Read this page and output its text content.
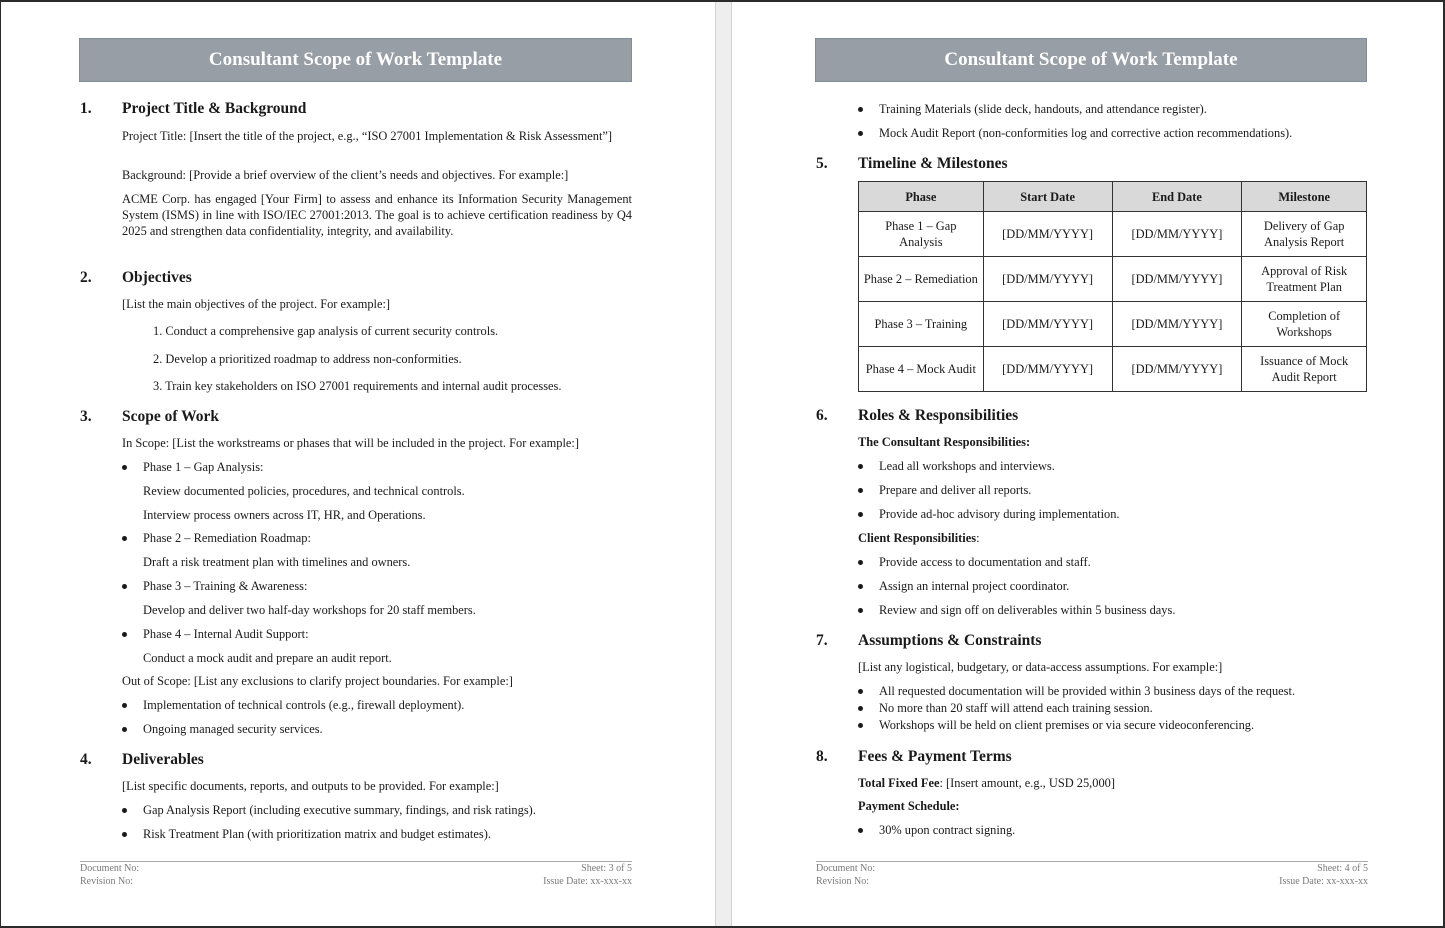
Consultant Scope of Work Template
1. Project Title & Background
Project Title: [Insert the title of the project, e.g., “ISO 27001 Implementation & Risk Assessment”]
Background: [Provide a brief overview of the client’s needs and objectives. For example:]
ACME Corp. has engaged [Your Firm] to assess and enhance its Information Security Management System (ISMS) in line with ISO/IEC 27001:2013. The goal is to achieve certification readiness by Q4 2025 and strengthen data confidentiality, integrity, and availability.
2. Objectives
[List the main objectives of the project. For example:]
1. Conduct a comprehensive gap analysis of current security controls.
2. Develop a prioritized roadmap to address non-conformities.
3. Train key stakeholders on ISO 27001 requirements and internal audit processes.
3. Scope of Work
In Scope: [List the workstreams or phases that will be included in the project. For example:]
Phase 1 – Gap Analysis:
Review documented policies, procedures, and technical controls.
Interview process owners across IT, HR, and Operations.
Phase 2 – Remediation Roadmap:
Draft a risk treatment plan with timelines and owners.
Phase 3 – Training & Awareness:
Develop and deliver two half-day workshops for 20 staff members.
Phase 4 – Internal Audit Support:
Conduct a mock audit and prepare an audit report.
Out of Scope: [List any exclusions to clarify project boundaries. For example:]
Implementation of technical controls (e.g., firewall deployment).
Ongoing managed security services.
4. Deliverables
[List specific documents, reports, and outputs to be provided. For example:]
Gap Analysis Report (including executive summary, findings, and risk ratings).
Risk Treatment Plan (with prioritization matrix and budget estimates).
Document No:
Revision No:
Sheet: 3 of 5
Issue Date: xx-xxx-xx
Consultant Scope of Work Template
Training Materials (slide deck, handouts, and attendance register).
Mock Audit Report (non-conformities log and corrective action recommendations).
5. Timeline & Milestones
Phase	Start Date	End Date	Milestone
Phase 1 – Gap Analysis	[DD/MM/YYYY]	[DD/MM/YYYY]	Delivery of Gap Analysis Report
Phase 2 – Remediation	[DD/MM/YYYY]	[DD/MM/YYYY]	Approval of Risk Treatment Plan
Phase 3 – Training	[DD/MM/YYYY]	[DD/MM/YYYY]	Completion of Workshops
Phase 4 – Mock Audit	[DD/MM/YYYY]	[DD/MM/YYYY]	Issuance of Mock Audit Report
6. Roles & Responsibilities
The Consultant Responsibilities:
Lead all workshops and interviews.
Prepare and deliver all reports.
Provide ad-hoc advisory during implementation.
Client Responsibilities:
Provide access to documentation and staff.
Assign an internal project coordinator.
Review and sign off on deliverables within 5 business days.
7. Assumptions & Constraints
[List any logistical, budgetary, or data-access assumptions. For example:]
All requested documentation will be provided within 3 business days of the request.
No more than 20 staff will attend each training session.
Workshops will be held on client premises or via secure videoconferencing.
8. Fees & Payment Terms
Total Fixed Fee: [Insert amount, e.g., USD 25,000]
Payment Schedule:
30% upon contract signing.
Document No:
Revision No:
Sheet: 4 of 5
Issue Date: xx-xxx-xx
